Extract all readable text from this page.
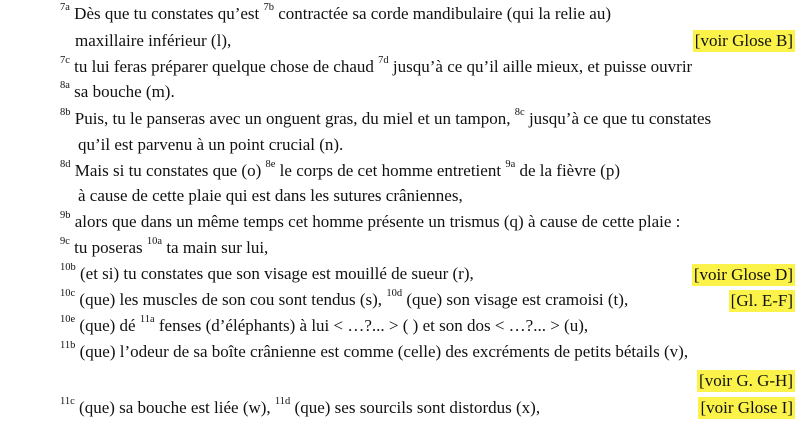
$^{7a}$ Dès que tu constates qu’est $^{7b}$ contractée sa corde mandibulaire (qui la relie au)
maxillaire inférieur (l),	[voir Glose B]
$^{7c}$ tu lui feras préparer quelque chose de chaud $^{7d}$ jusqu’à ce qu’il aille mieux, et puisse ouvrir
$^{8a}$ sa bouche (m).
$^{8b}$ Puis, tu le panseras avec un onguent gras, du miel et un tampon, $^{8c}$ jusqu’à ce que tu constates
qu’il est parvenu à un point crucial (n).
$^{8d}$ Mais si tu constates que (o) $^{8e}$ le corps de cet homme entretient $^{9a}$ de la fièvre (p)
à cause de cette plaie qui est dans les sutures crâniennes,
$^{9b}$ alors que dans un même temps cet homme présente un trismus (q) à cause de cette plaie :
$^{9c}$ tu poseras $^{10a}$ ta main sur lui,
$^{10b}$ (et si) tu constates que son visage est mouillé de sueur (r),	[voir Glose D]
$^{10c}$ (que) les muscles de son cou sont tendus (s), $^{10d}$ (que) son visage est cramoisi (t),	[Gl. E-F]
$^{10e}$ (que) dé $^{11a}$ fenses (d’éléphants) à lui < …?... > ( ) et son dos < …?... > (u),
$^{11b}$ (que) l’odeur de sa boîte crânienne est comme (celle) des excréments de petits bétails (v),
[voir G. G-H]
$^{11c}$ (que) sa bouche est liée (w), $^{11d}$ (que) ses sourcils sont distordus (x),	[voir Glose I]
